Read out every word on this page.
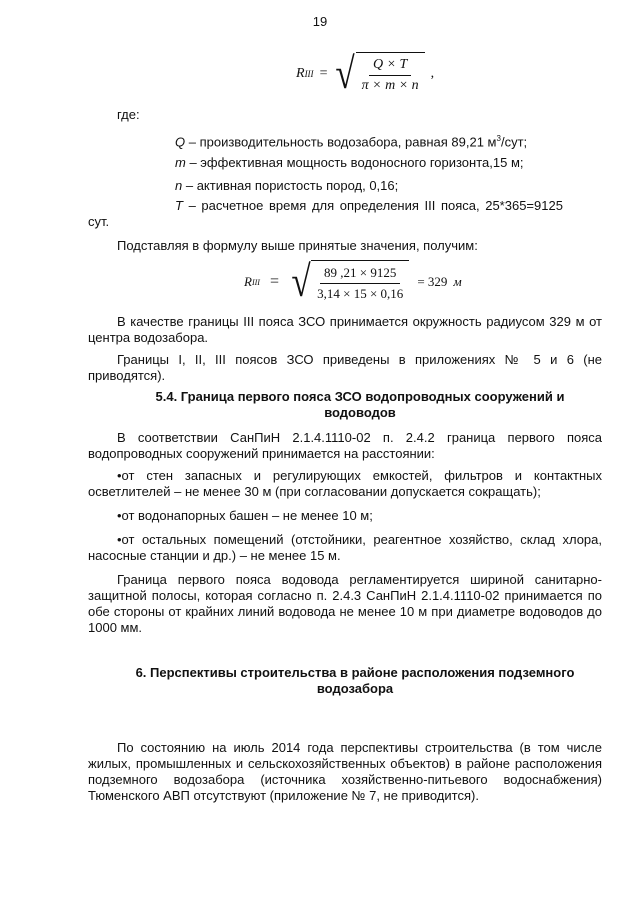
19
R III = √ $\frac{Q \times T}{\pi \times m \times n}$ ,
где:
Q – производительность водозабора, равная 89,21 $м^3$/сут;
m – эффективная мощность водоносного горизонта,15 м;
n – активная пористость пород, 0,16;
T – расчетное время для определения III пояса, 25*365=9125
сут.
Подставляя в формулу выше принятые значения, получим:
R III = √ $\frac{89 ,21 \times 9125}{3,14 \times 15 \times 0,16} = 329$ м
В качестве границы III пояса ЗСО принимается окружность радиусом 329 м от центра водозабора.
Границы I, II, III поясов ЗСО приведены в приложениях № 5 и 6 (не приводятся).
5.4. Граница первого пояса ЗСО водопроводных сооружений и водоводов
В соответствии СанПиН 2.1.4.1110-02 п. 2.4.2 граница первого пояса водопроводных сооружений принимается на расстоянии:
•от стен запасных и регулирующих емкостей, фильтров и контактных осветлителей – не менее 30 м (при согласовании допускается сокращать);
•от водонапорных башен – не менее 10 м;
•от остальных помещений (отстойники, реагентное хозяйство, склад хлора, насосные станции и др.) – не менее 15 м.
Граница первого пояса водовода регламентируется шириной санитарно-защитной полосы, которая согласно п. 2.4.3 СанПиН 2.1.4.1110-02 принимается по обе стороны от крайних линий водовода не менее 10 м при диаметре водоводов до 1000 мм.
6. Перспективы строительства в районе расположения подземного водозабора
По состоянию на июль 2014 года перспективы строительства (в том числе жилых, промышленных и сельскохозяйственных объектов) в районе расположения подземного водозабора (источника хозяйственно-питьевого водоснабжения) Тюменского АВП отсутствуют (приложение № 7, не приводится).
